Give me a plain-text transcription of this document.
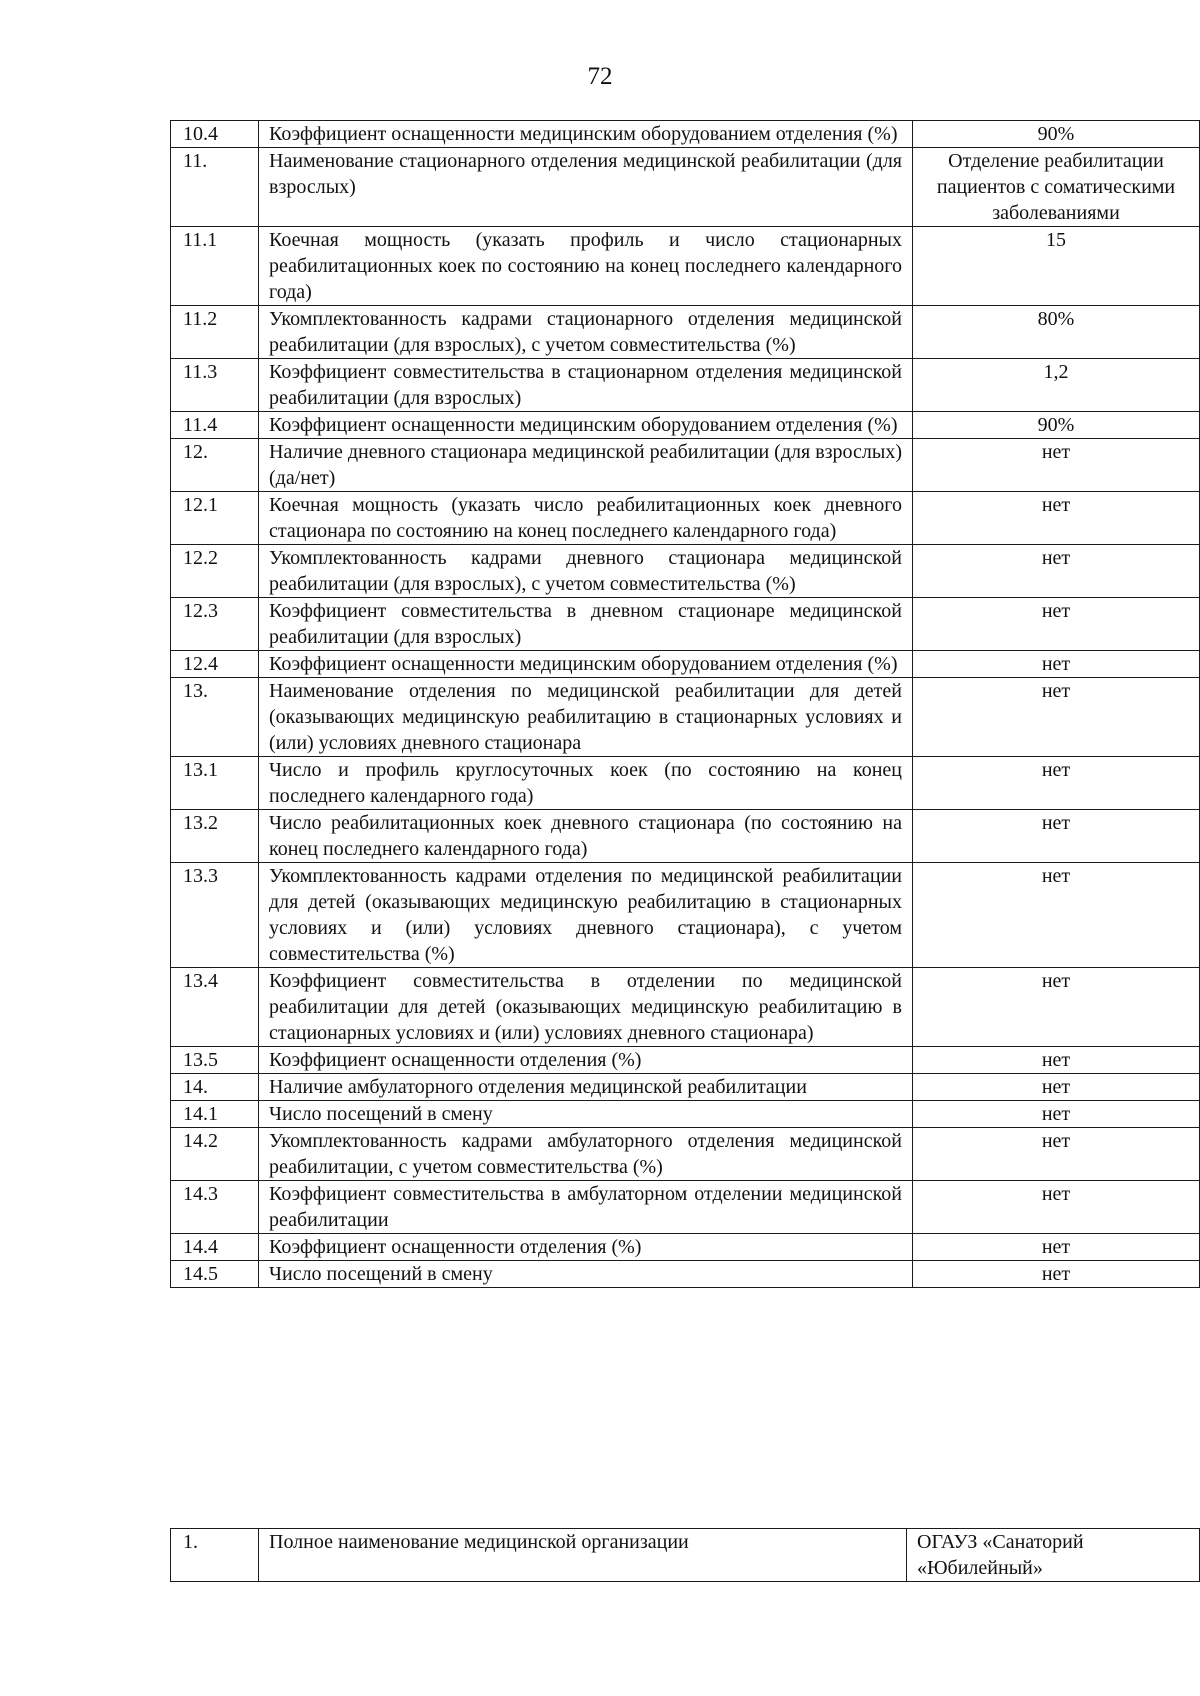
72
10.4	Коэффициент оснащенности медицинским оборудованием отделения (%)	90%
11.	Наименование стационарного отделения медицинской реабилитации (для взрослых)	Отделение реабилитации пациентов с соматическими заболеваниями
11.1	Коечная мощность (указать профиль и число стационарных реабилитационных коек по состоянию на конец последнего календарного года)	15
11.2	Укомплектованность кадрами стационарного отделения медицинской реабилитации (для взрослых), с учетом совместительства (%)	80%
11.3	Коэффициент совместительства в стационарном отделения медицинской реабилитации (для взрослых)	1,2
11.4	Коэффициент оснащенности медицинским оборудованием отделения (%)	90%
12.	Наличие дневного стационара медицинской реабилитации (для взрослых) (да/нет)	нет
12.1	Коечная мощность (указать число реабилитационных коек дневного стационара по состоянию на конец последнего календарного года)	нет
12.2	Укомплектованность кадрами дневного стационара медицинской реабилитации (для взрослых), с учетом совместительства (%)	нет
12.3	Коэффициент совместительства в дневном стационаре медицинской реабилитации (для взрослых)	нет
12.4	Коэффициент оснащенности медицинским оборудованием отделения (%)	нет
13.	Наименование отделения по медицинской реабилитации для детей (оказывающих медицинскую реабилитацию в стационарных условиях и (или) условиях дневного стационара	нет
13.1	Число и профиль круглосуточных коек (по состоянию на конец последнего календарного года)	нет
13.2	Число реабилитационных коек дневного стационара (по состоянию на конец последнего календарного года)	нет
13.3	Укомплектованность кадрами отделения по медицинской реабилитации для детей (оказывающих медицинскую реабилитацию в стационарных условиях и (или) условиях дневного стационара), с учетом совместительства (%)	нет
13.4	Коэффициент совместительства в отделении по медицинской реабилитации для детей (оказывающих медицинскую реабилитацию в стационарных условиях и (или) условиях дневного стационара)	нет
13.5	Коэффициент оснащенности отделения (%)	нет
14.	Наличие амбулаторного отделения медицинской реабилитации	нет
14.1	Число посещений в смену	нет
14.2	Укомплектованность кадрами амбулаторного отделения медицинской реабилитации, с учетом совместительства (%)	нет
14.3	Коэффициент совместительства в амбулаторном отделении медицинской реабилитации	нет
14.4	Коэффициент оснащенности отделения (%)	нет
14.5	Число посещений в смену	нет
1.	Полное наименование медицинской организации	ОГАУЗ «Санаторий «Юбилейный»
